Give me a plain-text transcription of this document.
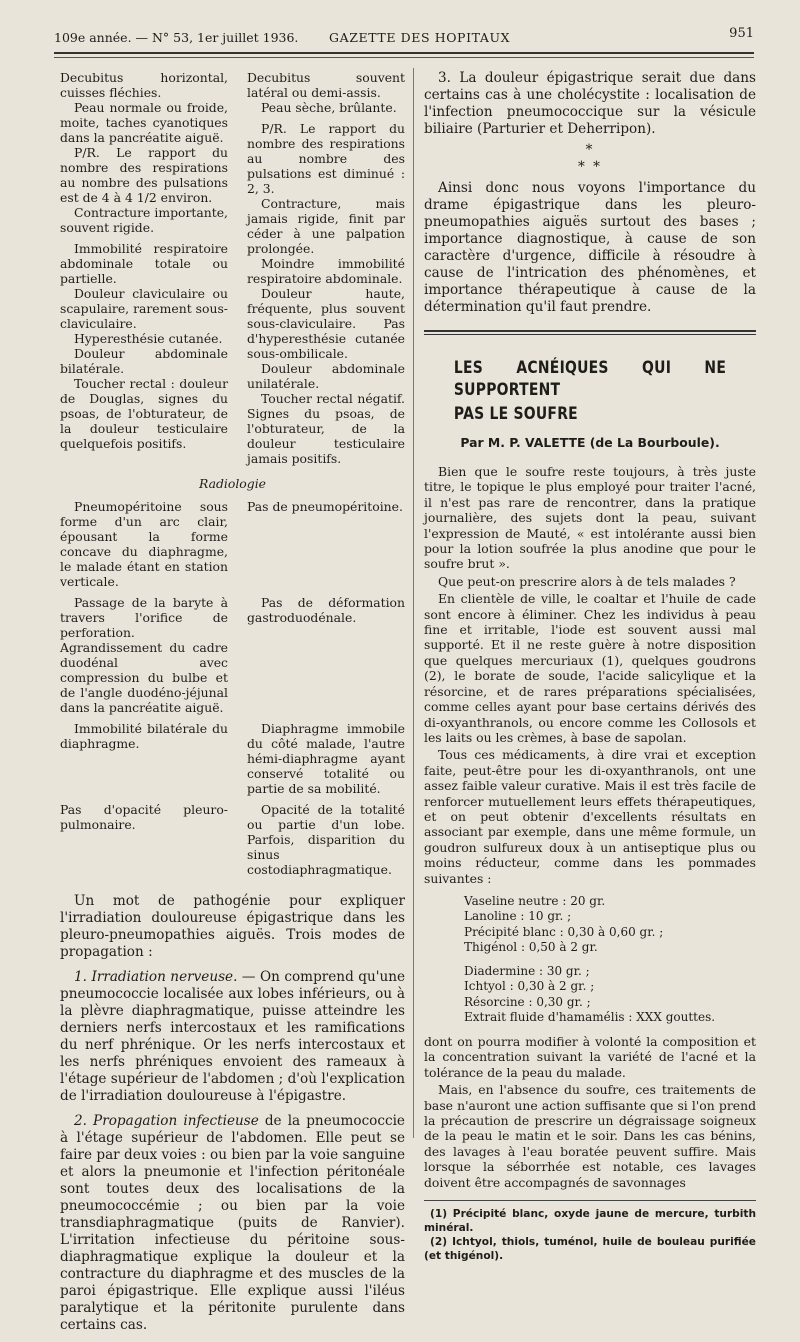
109e année. — N° 53, 1er juillet 1936. GAZETTE DES HOPITAUX	951

Decubitus horizontal, cuisses fléchies.

Peau normale ou froide, moite, taches cyanotiques dans la pancréatite aiguë.

P/R. Le rapport du nombre des respirations au nombre des pulsations est de 4 à 4 1/2 environ.

Contracture importante, souvent rigide.

Immobilité respiratoire abdominale totale ou partielle.

Douleur claviculaire ou scapulaire, rarement sous-claviculaire.

Hyperesthésie cutanée.

Douleur abdominale bilatérale.

Toucher rectal : douleur de Douglas, signes du psoas, de l'obturateur, de la douleur testiculaire quelquefois positifs.

Decubitus souvent latéral ou demi-assis.

Peau sèche, brûlante.

P/R. Le rapport du nombre des respirations au nombre des pulsations est diminué : 2, 3.

Contracture, mais jamais rigide, finit par céder à une palpation prolongée.

Moindre immobilité respiratoire abdominale.

Douleur haute, fréquente, plus souvent sous-claviculaire. Pas d'hyperesthésie cutanée sous-ombilicale.

Douleur abdominale unilatérale.

Toucher rectal négatif. Signes du psoas, de l'obturateur, de la douleur testiculaire jamais positifs.

Radiologie

Pneumopéritoine sous forme d'un arc clair, épousant la forme concave du diaphragme, le malade étant en station verticale.

Pas de pneumopéritoine.

Passage de la baryte à travers l'orifice de perforation. Agrandissement du cadre duodénal avec compression du bulbe et de l'angle duodéno-jéjunal dans la pancréatite aiguë.

Pas de déformation gastroduodénale.

Immobilité bilatérale du diaphragme.

Diaphragme immobile du côté malade, l'autre hémi-diaphragme ayant conservé totalité ou partie de sa mobilité.

Pas d'opacité pleuro-pulmonaire.

Opacité de la totalité ou partie d'un lobe. Parfois, disparition du sinus costodiaphragmatique.

Un mot de pathogénie pour expliquer l'irradiation douloureuse épigastrique dans les pleuro-pneumopathies aiguës. Trois modes de propagation :

1. Irradiation nerveuse. — On comprend qu'une pneumococcie localisée aux lobes inférieurs, ou à la plèvre diaphragmatique, puisse atteindre les derniers nerfs intercostaux et les ramifications du nerf phrénique. Or les nerfs intercostaux et les nerfs phréniques envoient des rameaux à l'étage supérieur de l'abdomen ; d'où l'explication de l'irradiation douloureuse à l'épigastre.

2. Propagation infectieuse de la pneumococcie à l'étage supérieur de l'abdomen. Elle peut se faire par deux voies : ou bien par la voie sanguine et alors la pneumonie et l'infection péritonéale sont toutes deux des localisations de la pneumococcémie ; ou bien par la voie transdiaphragmatique (puits de Ranvier). L'irritation infectieuse du péritoine sous-diaphragmatique explique la douleur et la contracture du diaphragme et des muscles de la paroi épigastrique. Elle explique aussi l'iléus paralytique et la péritonite purulente dans certains cas.

3. La douleur épigastrique serait due dans certains cas à une cholécystite : localisation de l'infection pneumococcique sur la vésicule biliaire (Parturier et Deherripon).

*
* *

Ainsi donc nous voyons l'importance du drame épigastrique dans les pleuro-pneumopathies aiguës surtout des bases ; importance diagnostique, à cause de son caractère d'urgence, difficile à résoudre à cause de l'intrication des phénomènes, et importance thérapeutique à cause de la détermination qu'il faut prendre.

LES ACNÉIQUES QUI NE SUPPORTENT

PAS LE SOUFRE

Par M. P. VALETTE (de La Bourboule).

Bien que le soufre reste toujours, à très juste titre, le topique le plus employé pour traiter l'acné, il n'est pas rare de rencontrer, dans la pratique journalière, des sujets dont la peau, suivant l'expression de Mauté, « est intolérante aussi bien pour la lotion soufrée la plus anodine que pour le soufre brut ».

Que peut-on prescrire alors à de tels malades ?

En clientèle de ville, le coaltar et l'huile de cade sont encore à éliminer. Chez les individus à peau fine et irritable, l'iode est souvent aussi mal supporté. Et il ne reste guère à notre disposition que quelques mercuriaux (1), quelques goudrons (2), le borate de soude, l'acide salicylique et la résorcine, et de rares préparations spécialisées, comme celles ayant pour base certains dérivés des di-oxyanthranols, ou encore comme les Collosols et les laits ou les crèmes, à base de sapolan.

Tous ces médicaments, à dire vrai et exception faite, peut-être pour les di-oxyanthranols, ont une assez faible valeur curative. Mais il est très facile de renforcer mutuellement leurs effets thérapeutiques, et on peut obtenir d'excellents résultats en associant par exemple, dans une même formule, un goudron sulfureux doux à un antiseptique plus ou moins réducteur, comme dans les pommades suivantes :

Vaseline neutre : 20 gr.
Lanoline : 10 gr. ;
Précipité blanc : 0,30 à 0,60 gr. ;
Thigénol : 0,50 à 2 gr.
Diadermine : 30 gr. ;
Ichtyol : 0,30 à 2 gr. ;
Résorcine : 0,30 gr. ;
Extrait fluide d'hamamélis : XXX gouttes.

dont on pourra modifier à volonté la composition et la concentration suivant la variété de l'acné et la tolérance de la peau du malade.

Mais, en l'absence du soufre, ces traitements de base n'auront une action suffisante que si l'on prend la précaution de prescrire un dégraissage soigneux de la peau le matin et le soir. Dans les cas bénins, des lavages à l'eau boratée peuvent suffire. Mais lorsque la séborrhée est notable, ces lavages doivent être accompagnés de savonnages

(1) Précipité blanc, oxyde jaune de mercure, turbith minéral.

(2) Ichtyol, thiols, tuménol, huile de bouleau purifiée (et thigénol).
